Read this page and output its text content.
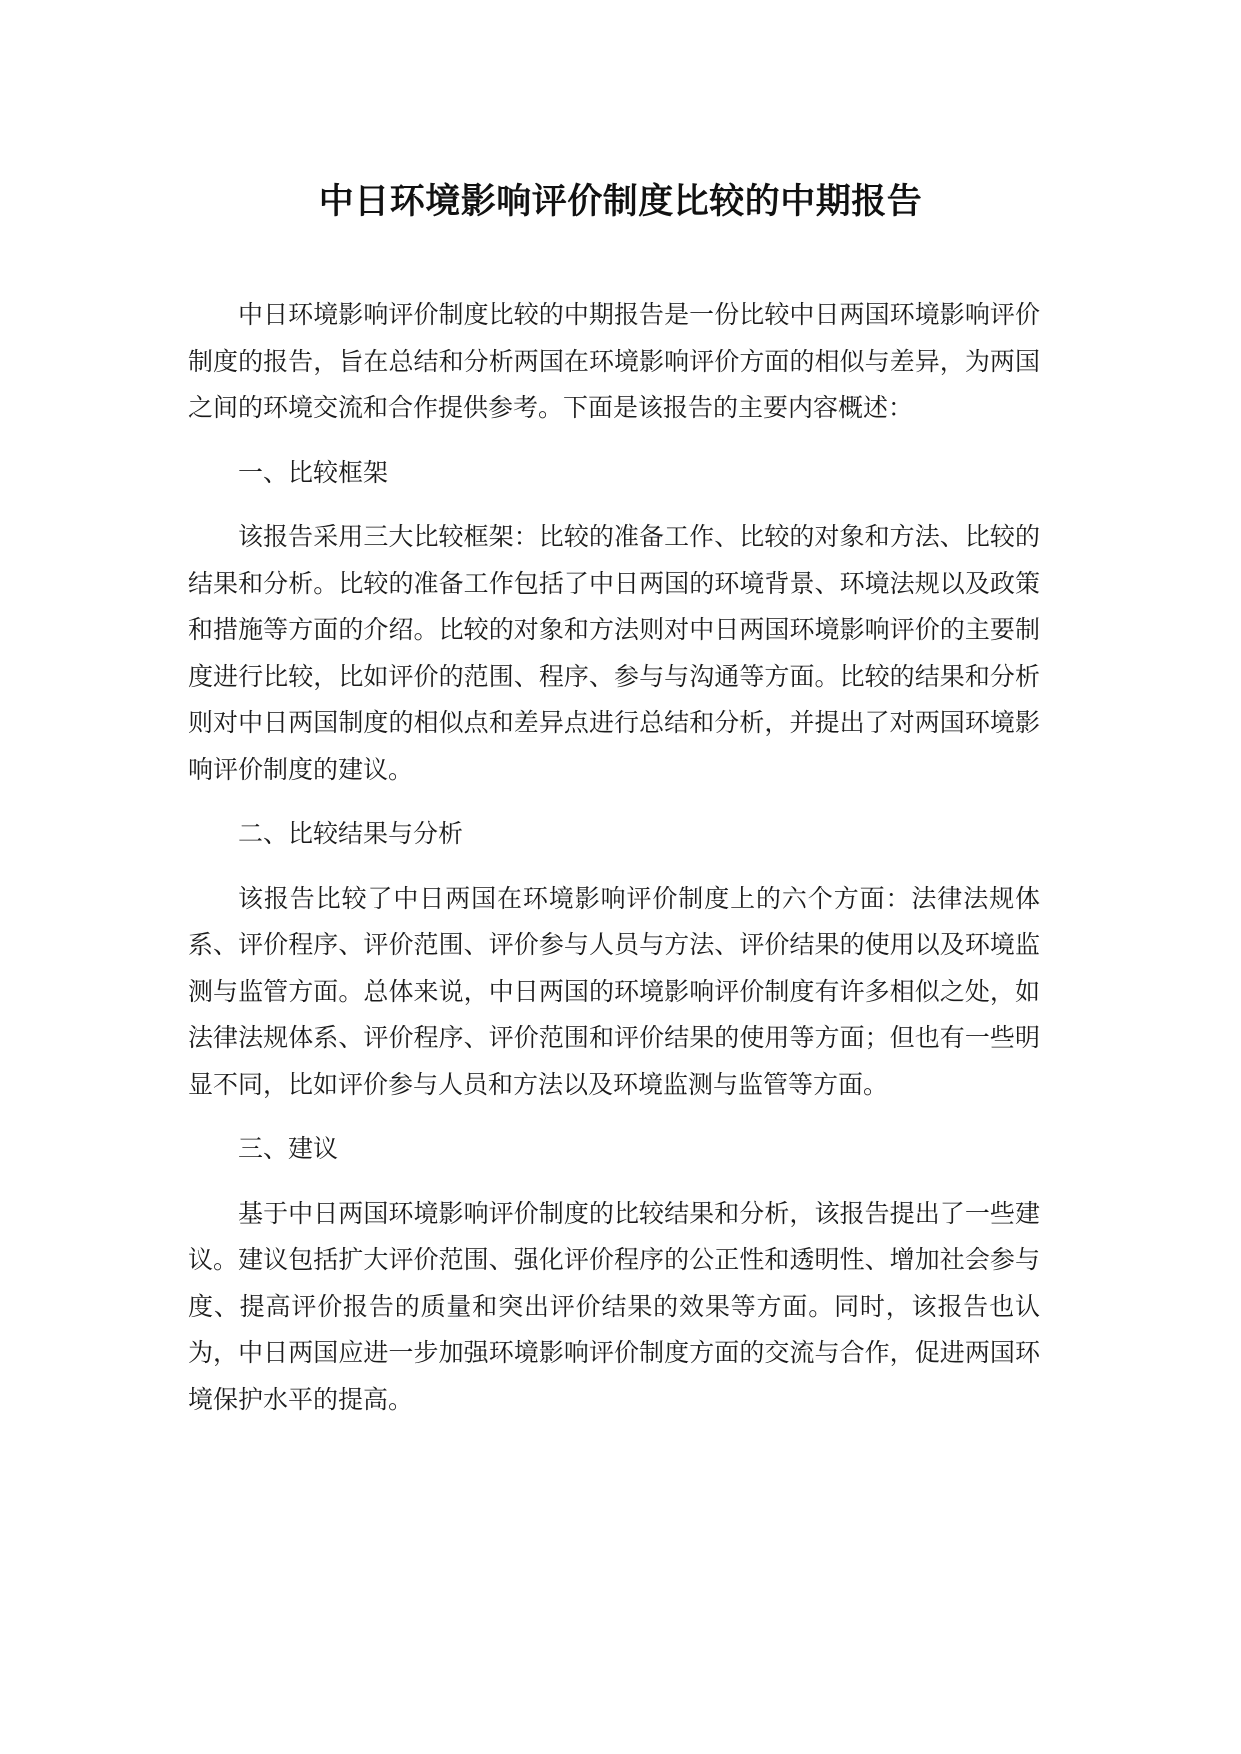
中日环境影响评价制度比较的中期报告

中日环境影响评价制度比较的中期报告是一份比较中日两国环境影响评价制度的报告，旨在总结和分析两国在环境影响评价方面的相似与差异，为两国之间的环境交流和合作提供参考。下面是该报告的主要内容概述：

一、比较框架

该报告采用三大比较框架：比较的准备工作、比较的对象和方法、比较的结果和分析。比较的准备工作包括了中日两国的环境背景、环境法规以及政策和措施等方面的介绍。比较的对象和方法则对中日两国环境影响评价的主要制度进行比较，比如评价的范围、程序、参与与沟通等方面。比较的结果和分析则对中日两国制度的相似点和差异点进行总结和分析，并提出了对两国环境影响评价制度的建议。

二、比较结果与分析

该报告比较了中日两国在环境影响评价制度上的六个方面：法律法规体系、评价程序、评价范围、评价参与人员与方法、评价结果的使用以及环境监测与监管方面。总体来说，中日两国的环境影响评价制度有许多相似之处，如法律法规体系、评价程序、评价范围和评价结果的使用等方面；但也有一些明显不同，比如评价参与人员和方法以及环境监测与监管等方面。

三、建议

基于中日两国环境影响评价制度的比较结果和分析，该报告提出了一些建议。建议包括扩大评价范围、强化评价程序的公正性和透明性、增加社会参与度、提高评价报告的质量和突出评价结果的效果等方面。同时，该报告也认为，中日两国应进一步加强环境影响评价制度方面的交流与合作，促进两国环境保护水平的提高。
